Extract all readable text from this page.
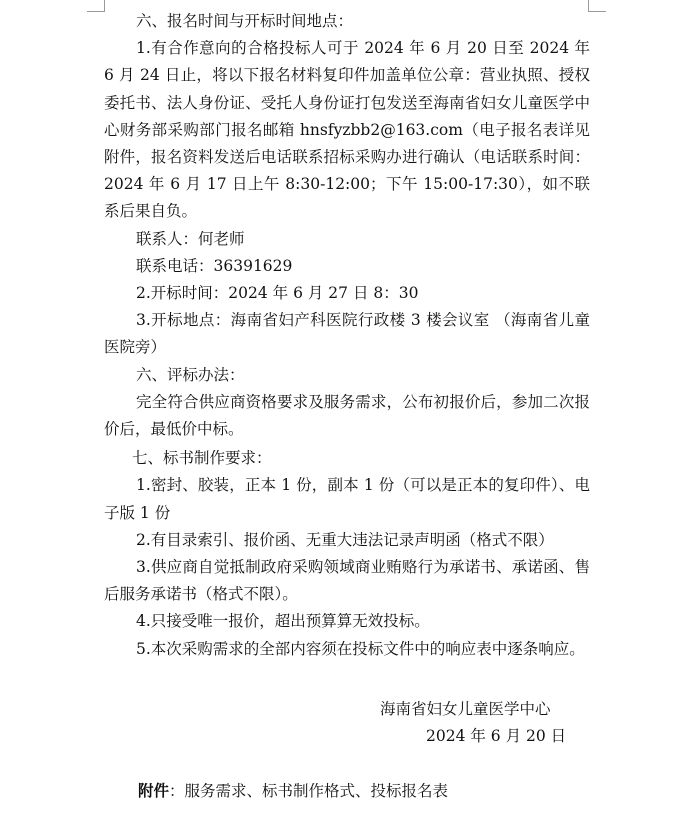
六、报名时间与开标时间地点：

1.有合作意向的合格投标人可于 2024 年 6 月 20 日至 2024 年 6 月 24 日止，将以下报名材料复印件加盖单位公章：营业执照、授权委托书、法人身份证、受托人身份证打包发送至海南省妇女儿童医学中心财务部采购部门报名邮箱 hnsfyzbb2@163.com（电子报名表详见附件，报名资料发送后电话联系招标采购办进行确认（电话联系时间：2024 年 6 月 17 日上午 8:30-12:00；下午 15:00-17:30），如不联系后果自负。

联系人：何老师

联系电话：36391629

2.开标时间：2024 年 6 月 27 日 8：30

3.开标地点：海南省妇产科医院行政楼 3 楼会议室 （海南省儿童医院旁）

六、评标办法：

完全符合供应商资格要求及服务需求，公布初报价后，参加二次报价后，最低价中标。

七、标书制作要求：

1.密封、胶装，正本 1 份，副本 1 份（可以是正本的复印件）、电子版 1 份

2.有目录索引、报价函、无重大违法记录声明函（格式不限）

3.供应商自觉抵制政府采购领域商业贿赂行为承诺书、承诺函、售后服务承诺书（格式不限）。

4.只接受唯一报价，超出预算算无效投标。

5.本次采购需求的全部内容须在投标文件中的响应表中逐条响应。

海南省妇女儿童医学中心
2024 年 6 月 20 日
附件：服务需求、标书制作格式、投标报名表
